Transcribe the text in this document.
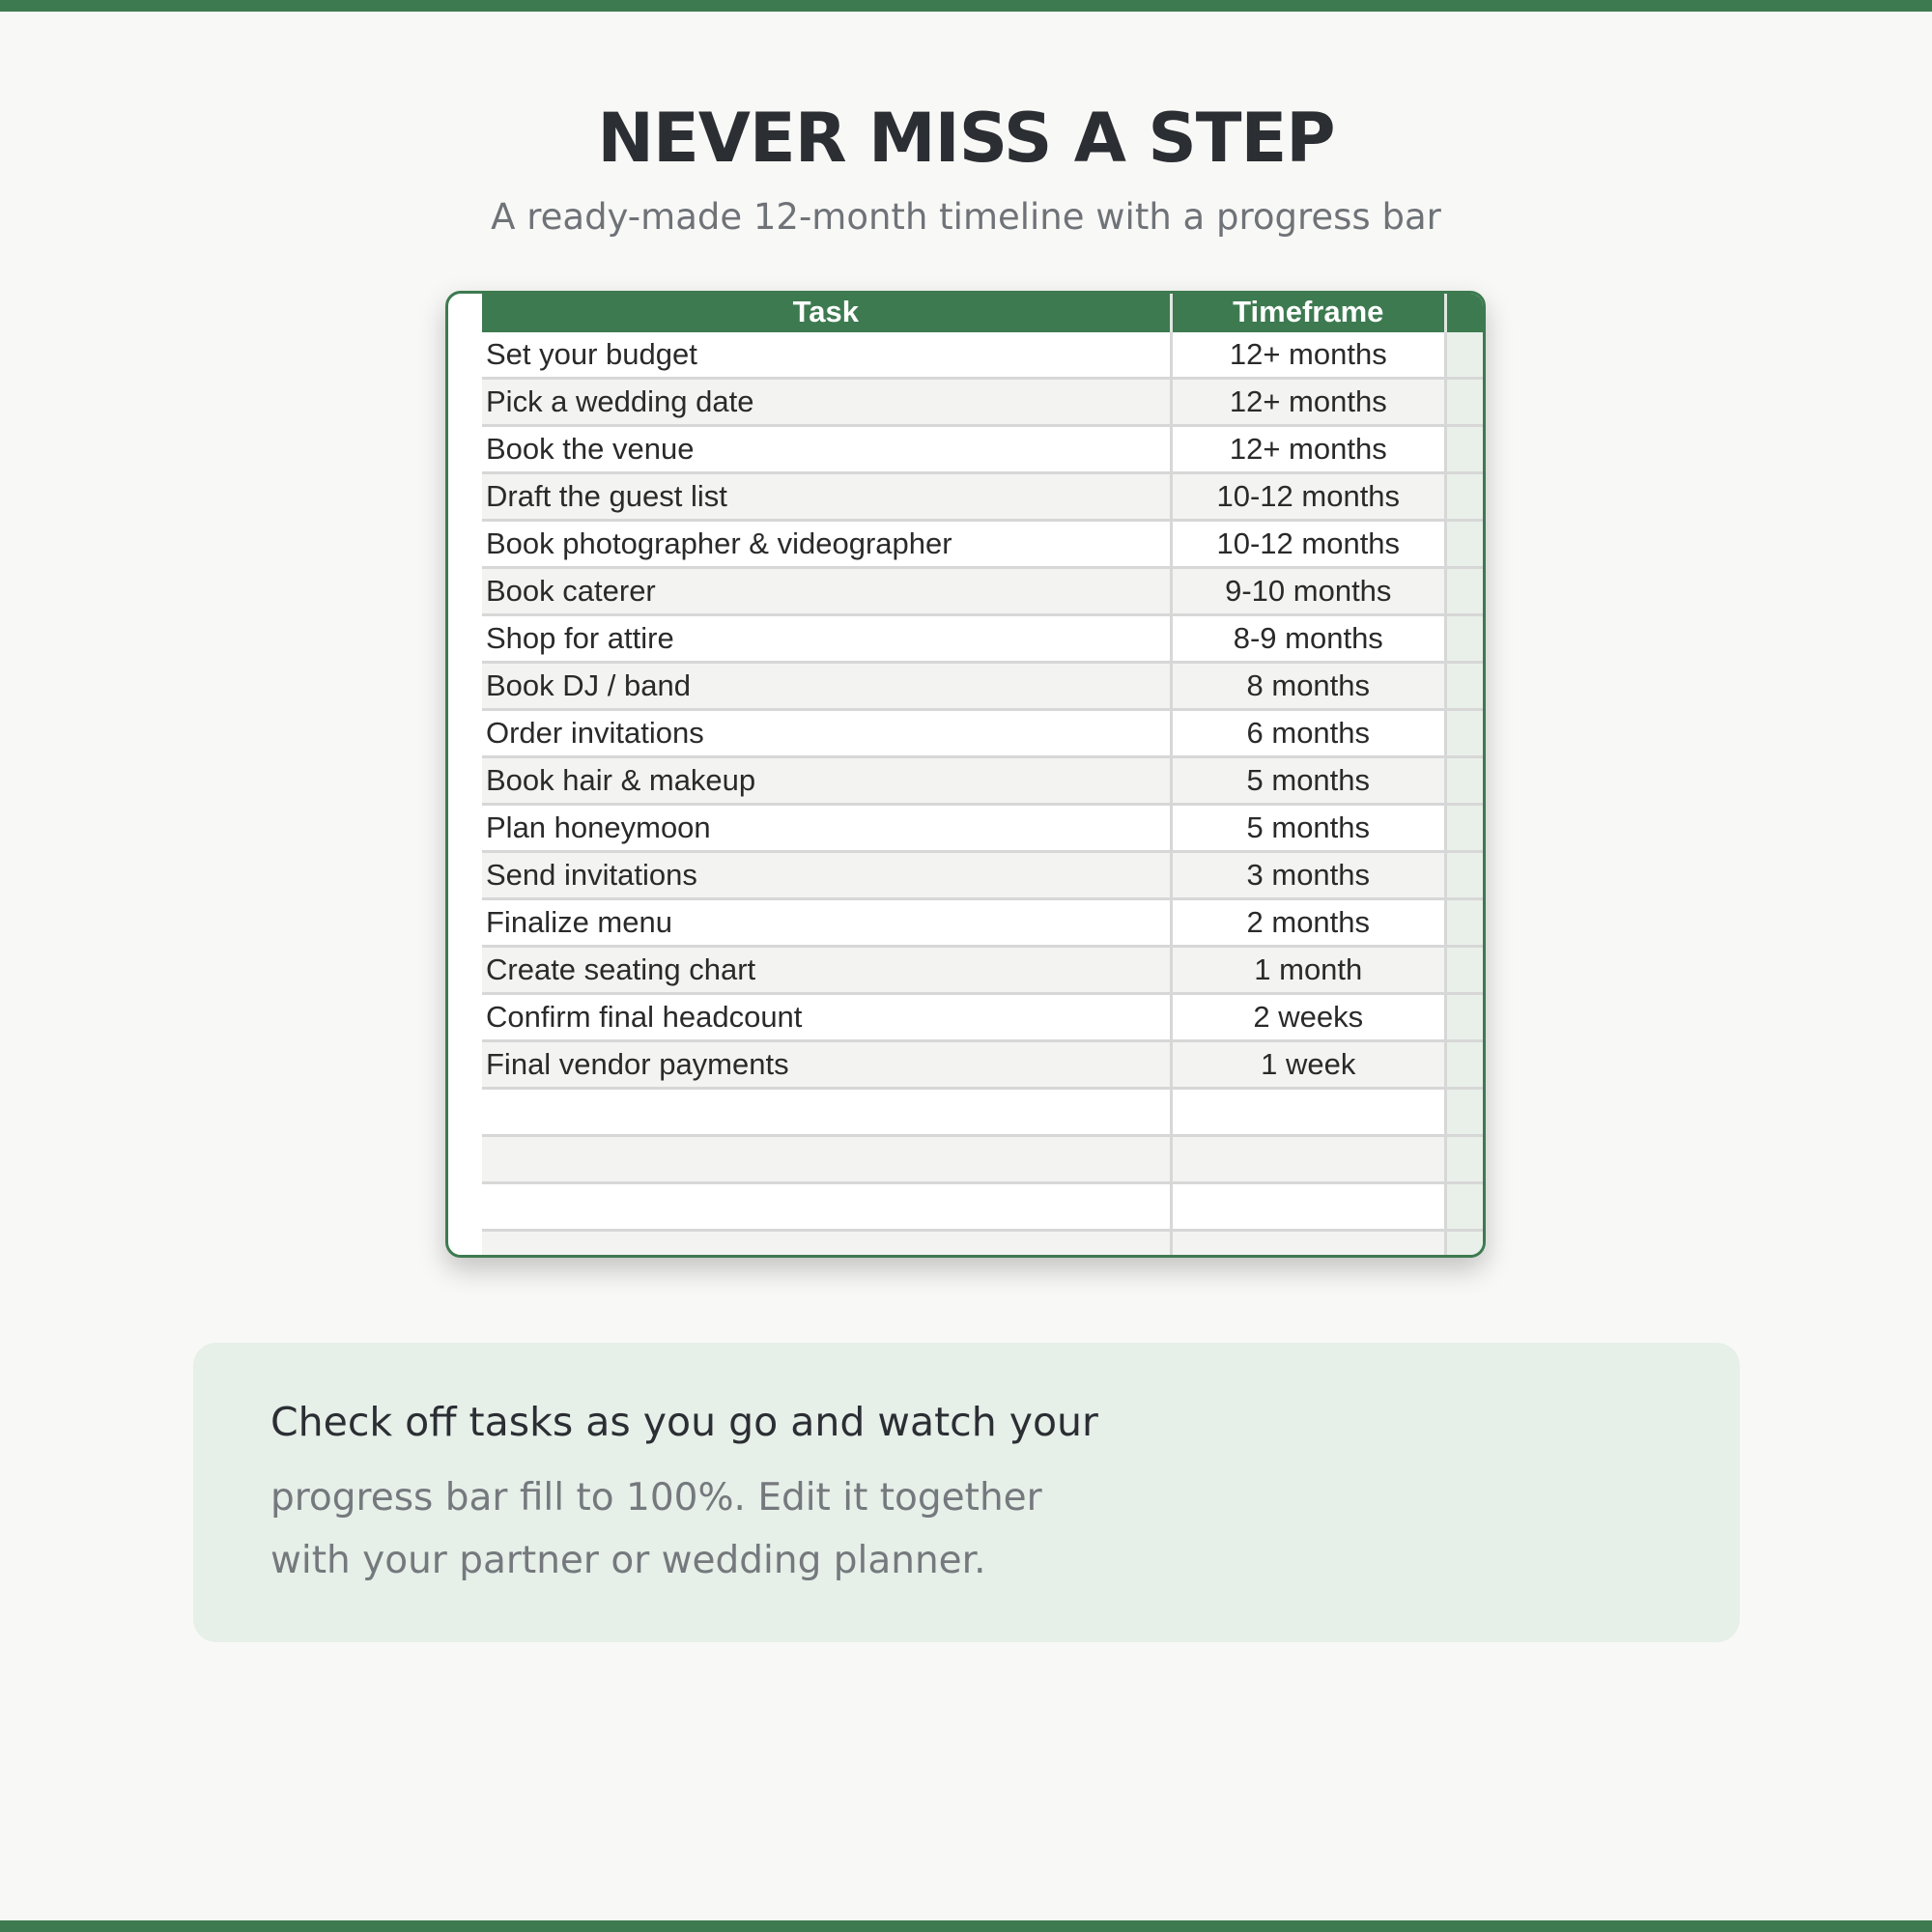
NEVER MISS A STEP

A ready-made 12-month timeline with a progress bar

Task	Timeframe	
Set your budget	12+ months	
Pick a wedding date	12+ months	
Book the venue	12+ months	
Draft the guest list	10-12 months	
Book photographer & videographer	10-12 months	
Book caterer	9-10 months	
Shop for attire	8-9 months	
Book DJ / band	8 months	
Order invitations	6 months	
Book hair & makeup	5 months	
Plan honeymoon	5 months	
Send invitations	3 months	
Finalize menu	2 months	
Create seating chart	1 month	
Confirm final headcount	2 weeks	
Final vendor payments	1 week	

Check off tasks as you go and watch your

progress bar fill to 100%. Edit it together
with your partner or wedding planner.
